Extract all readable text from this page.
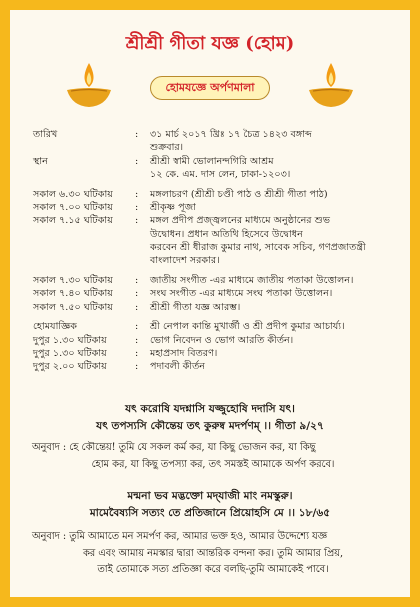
শ্রীশ্রী গীতা যজ্ঞ (হোম)
হোমযজ্ঞে অর্পণমালা
তারিখ	: ৩১ মার্চ ২০১৭ খ্রিঃ ১৭ চৈত্র ১৪২৩ বঙ্গাব্দ
শুক্রবার।
স্থান	: শ্রীশ্রী স্বামী ভোলানন্দগিরি আশ্রম
১২ কে. এম. দাস লেন, ঢাকা-১২০৩।
সকাল ৬.৩০ ঘটিকায়	: মঙ্গলাচরণ (শ্রীশ্রী চণ্ডী পাঠ ও শ্রীশ্রী গীতা পাঠ)
সকাল ৭.০০ ঘটিকায়	: শ্রীকৃষ্ণ পূজা
সকাল ৭.১৫ ঘটিকায়	: মঙ্গল প্রদীপ প্রজ্জ্বলনের মাধ্যমে অনুষ্ঠানের শুভ
উদ্বোধন। প্রধান অতিথি হিসেবে উদ্বোধন
করবেন শ্রী ধীরাজ কুমার নাথ, সাবেক সচিব, গণপ্রজাতন্ত্রী
বাংলাদেশ সরকার।
সকাল ৭.৩০ ঘটিকায়	: জাতীয় সংগীত -এর মাধ্যমে জাতীয় পতাকা উত্তোলন।
সকাল ৭.৪০ ঘটিকায়	: সংঘ সংগীত -এর মাধ্যমে সংঘ পতাকা উত্তোলন।
সকাল ৭.৫০ ঘটিকায়	: শ্রীশ্রী গীতা যজ্ঞ আরম্ভ।
হোমযাজ্ঞিক	: শ্রী নেপাল কান্তি মুখার্জী ও শ্রী প্রদীপ কুমার আচার্য্য।
দুপুর ১.৩০ ঘটিকায়	: ভোগ নিবেদন ও ভোগ আরতি কীর্তন।
দুপুর ১.৩০ ঘটিকায়	: মহাপ্রসাদ বিতরণ।
দুপুর ২.০০ ঘটিকায়	: পদাবলী কীর্তন
যৎ করোষি যদশ্নাসি যজ্জুহোষি দদাসি যৎ।
যৎ তপস্যসি কৌন্তেয় তৎ কুরুষ্ব মদর্পণম্‌ ।। গীতা ৯/২৭
অনুবাদ : হে কৌন্তেয়! তুমি যে সকল কর্ম কর, যা কিছু ভোজন কর, যা কিছু
হোম কর, যা কিছু তপস্যা কর, তৎ সমস্তই আমাকে অর্পণ করবে।
মন্মনা ভব মদ্ভক্তো মদ্‌যাজী মাং নমস্কুরু।
মামেবৈষ্যসি সত্যং তে প্রতিজানে প্রিয়োহসি মে ।। ১৮/৬৫
অনুবাদ : তুমি আমাতে মন সমর্পণ কর, আমার ভক্ত হও, আমার উদ্দেশ্যে যজ্ঞ
কর এবং আমায় নমস্কার দ্বারা আন্তরিক বন্দনা কর। তুমি আমার প্রিয়,
তাই তোমাকে সত্য প্রতিজ্ঞা করে বলছি-তুমি আমাকেই পাবে।
